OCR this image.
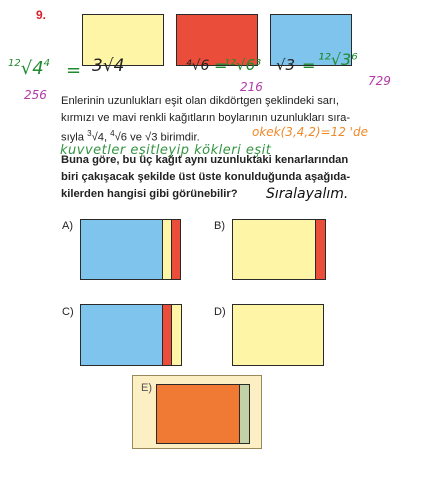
9.
$^{12}√4^4 = 3√4$	⁴√6 =
¹²√6³ √3 = ¹²√3⁶
256
216	729
Enlerinin uzunlukları eşit olan dikdörtgen şeklindeki sarı,
kırmızı ve mavi renkli kağıtların boylarının uzunlukları sıra-
sıyla $^3$√4, $^4$√6 ve √3 birimdir.	okek(3,4,2)=12 'de
Buna göre, bu üç kağıt aynı uzunluktaki kenarlarından
biri çakışacak şekilde üst üste konulduğunda aşağıda-
kilerden hangisi gibi görünebilir?
kuvvetler eşitleyip kökleri eşit
Sıralayalım.
A)	B)
C)	D)
E)
